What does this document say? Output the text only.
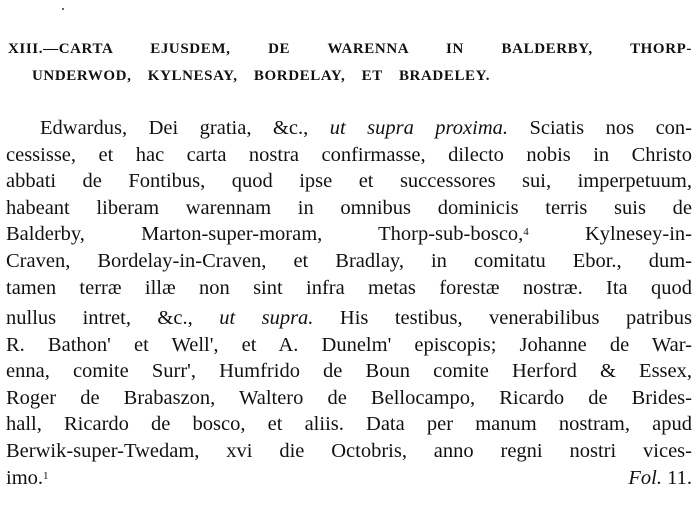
XIII.—CARTA EJUSDEM, DE WARENNA IN BALDERBY, THORP-
UNDERWOD, KYLNESAY, BORDELAY, ET BRADELEY.
Edwardus, Dei gratia, &c., ut supra proxima. Sciatis nos con-
cessisse, et hac carta nostra confirmasse, dilecto nobis in Christo
abbati de Fontibus, quod ipse et successores sui, imperpetuum,
habeant liberam warennam in omnibus dominicis terris suis de
Balderby, Marton-super-moram, Thorp-sub-bosco,$^4$ Kylnesey-in-
Craven, Bordelay-in-Craven, et Bradlay, in comitatu Ebor., dum-
tamen terræ illæ non sint infra metas forestæ nostræ. Ita quod
nullus intret, &c., ut supra. His testibus, venerabilibus patribus
R. Bathon' et Well', et A. Dunelm' episcopis; Johanne de War-
enna, comite Surr', Humfrido de Boun comite Herford & Essex,
Roger de Brabaszon, Waltero de Bellocampo, Ricardo de Brides-
hall, Ricardo de bosco, et aliis. Data per manum nostram, apud
Berwik-super-Twedam, xvi die Octobris, anno regni nostri vices-
imo.$^1$	Fol. 11.
